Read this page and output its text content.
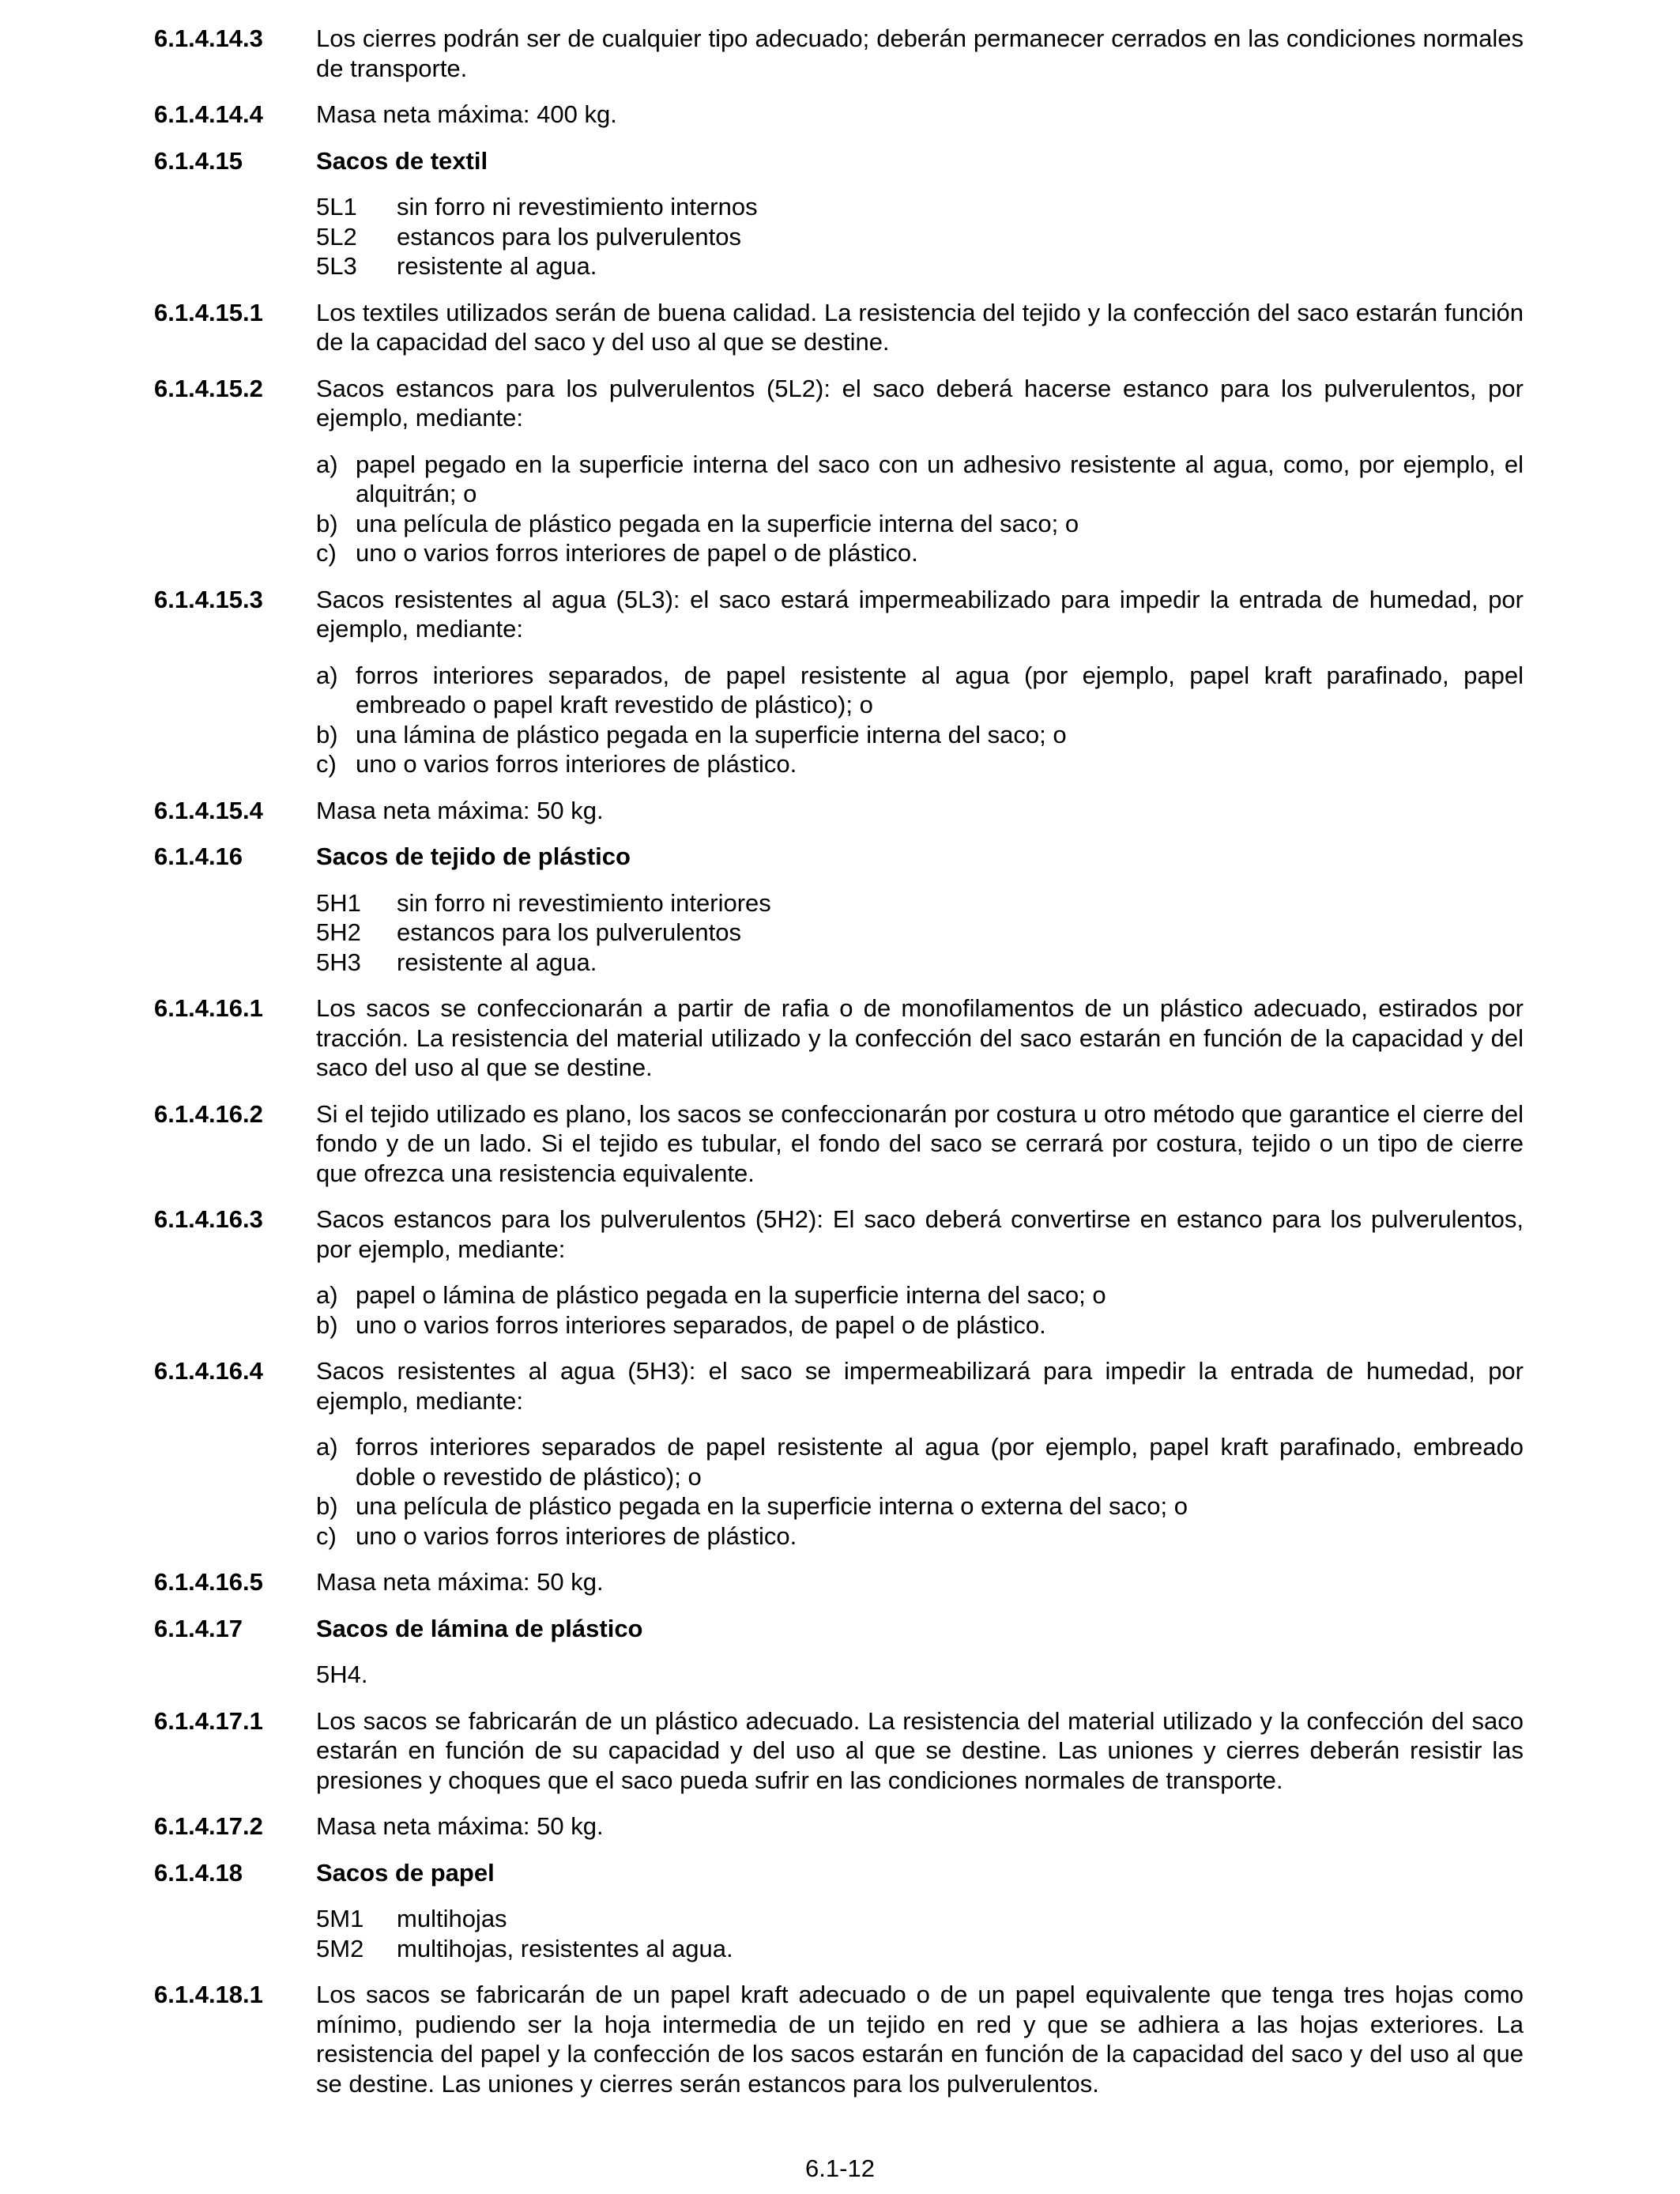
6.1.4.14.3 Los cierres podrán ser de cualquier tipo adecuado; deberán permanecer cerrados en las condiciones normales de transporte.
6.1.4.14.4 Masa neta máxima: 400 kg.
6.1.4.15	Sacos de textil
5L1	sin forro ni revestimiento internos
5L2	estancos para los pulverulentos
5L3	resistente al agua.
6.1.4.15.1 Los textiles utilizados serán de buena calidad. La resistencia del tejido y la confección del saco estarán función de la capacidad del saco y del uso al que se destine.
6.1.4.15.2 Sacos estancos para los pulverulentos (5L2): el saco deberá hacerse estanco para los pulverulentos, por ejemplo, mediante:
a) papel pegado en la superficie interna del saco con un adhesivo resistente al agua, como, por ejemplo, el alquitrán; o
b) una película de plástico pegada en la superficie interna del saco; o
c) uno o varios forros interiores de papel o de plástico.
6.1.4.15.3 Sacos resistentes al agua (5L3): el saco estará impermeabilizado para impedir la entrada de humedad, por ejemplo, mediante:
a) forros interiores separados, de papel resistente al agua (por ejemplo, papel kraft parafinado, papel embreado o papel kraft revestido de plástico); o
b) una lámina de plástico pegada en la superficie interna del saco; o
c) uno o varios forros interiores de plástico.
6.1.4.15.4 Masa neta máxima: 50 kg.
6.1.4.16	Sacos de tejido de plástico
5H1	sin forro ni revestimiento interiores
5H2	estancos para los pulverulentos
5H3	resistente al agua.
6.1.4.16.1 Los sacos se confeccionarán a partir de rafia o de monofilamentos de un plástico adecuado, estirados por tracción. La resistencia del material utilizado y la confección del saco estarán en función de la capacidad y del saco del uso al que se destine.
6.1.4.16.2 Si el tejido utilizado es plano, los sacos se confeccionarán por costura u otro método que garantice el cierre del fondo y de un lado. Si el tejido es tubular, el fondo del saco se cerrará por costura, tejido o un tipo de cierre que ofrezca una resistencia equivalente.
6.1.4.16.3 Sacos estancos para los pulverulentos (5H2): El saco deberá convertirse en estanco para los pulverulentos, por ejemplo, mediante:
a) papel o lámina de plástico pegada en la superficie interna del saco; o
b) uno o varios forros interiores separados, de papel o de plástico.
6.1.4.16.4 Sacos resistentes al agua (5H3): el saco se impermeabilizará para impedir la entrada de humedad, por ejemplo, mediante:
a) forros interiores separados de papel resistente al agua (por ejemplo, papel kraft parafinado, embreado doble o revestido de plástico); o
b) una película de plástico pegada en la superficie interna o externa del saco; o
c) uno o varios forros interiores de plástico.
6.1.4.16.5 Masa neta máxima: 50 kg.
6.1.4.17	Sacos de lámina de plástico
5H4.
6.1.4.17.1 Los sacos se fabricarán de un plástico adecuado. La resistencia del material utilizado y la confección del saco estarán en función de su capacidad y del uso al que se destine. Las uniones y cierres deberán resistir las presiones y choques que el saco pueda sufrir en las condiciones normales de transporte.
6.1.4.17.2 Masa neta máxima: 50 kg.
6.1.4.18	Sacos de papel
5M1	multihojas
5M2	multihojas, resistentes al agua.
6.1.4.18.1 Los sacos se fabricarán de un papel kraft adecuado o de un papel equivalente que tenga tres hojas como mínimo, pudiendo ser la hoja intermedia de un tejido en red y que se adhiera a las hojas exteriores. La resistencia del papel y la confección de los sacos estarán en función de la capacidad del saco y del uso al que se destine. Las uniones y cierres serán estancos para los pulverulentos.
6.1-12
